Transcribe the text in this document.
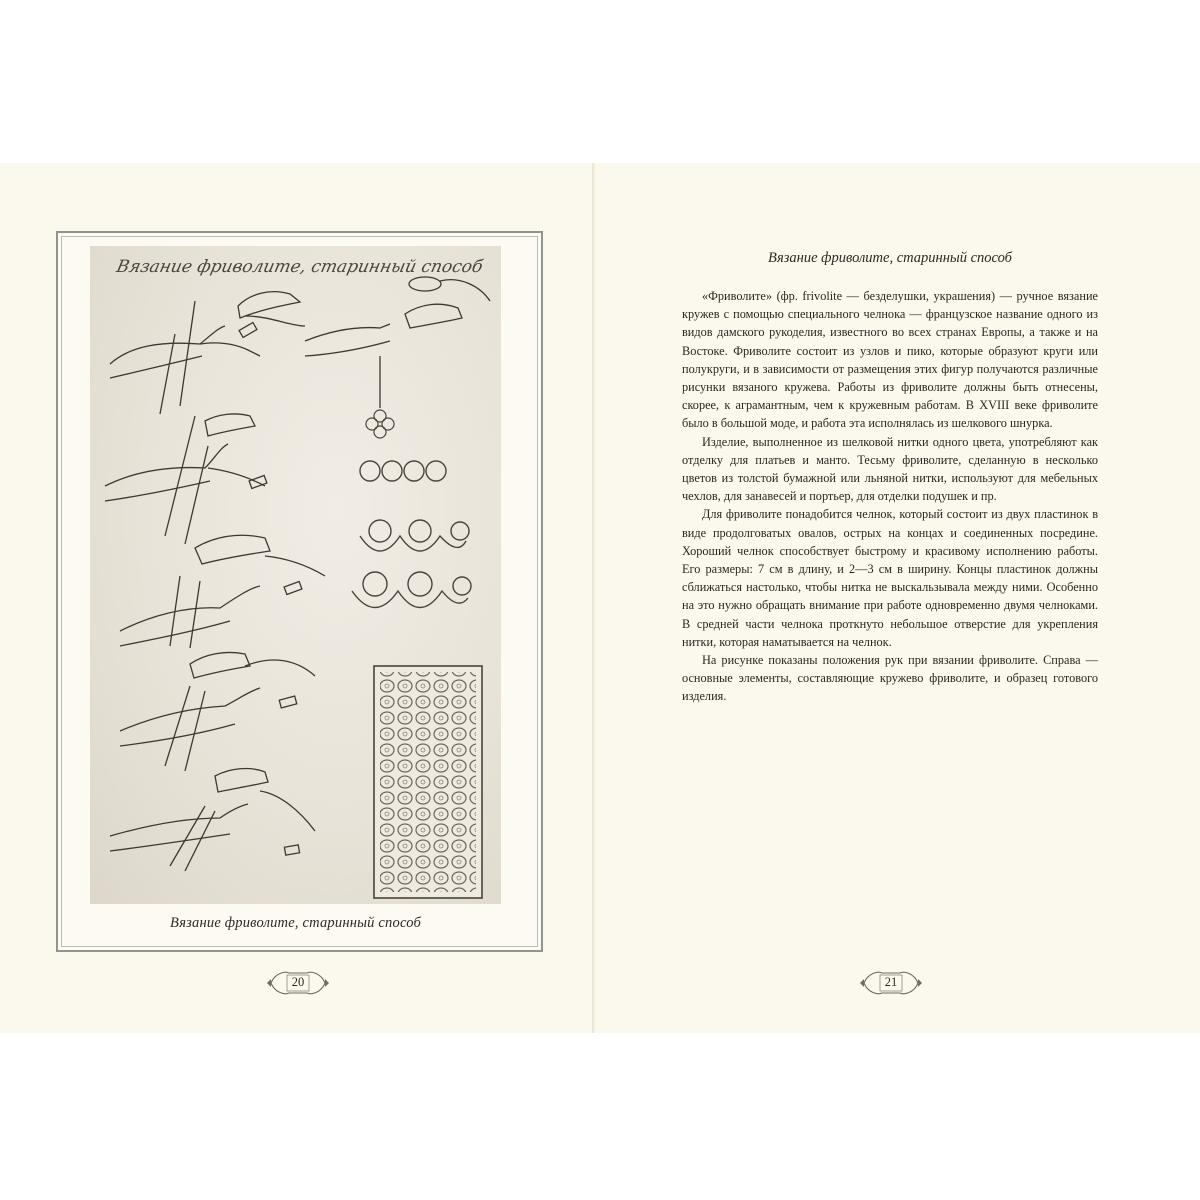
Вязание фриволите, старинный способ
Вязание фриволите, старинный способ
20
Вязание фриволите, старинный способ

«Фриволите» (фр. frivolite — безделушки, украшения) — ручное вязание кружев с помощью специального челнока — французское название одного из видов дамского рукоделия, известного во всех странах Европы, а также и на Востоке. Фриволите состоит из узлов и пико, которые образуют круги или полукруги, и в зависимости от размещения этих фигур получаются различные рисунки вязаного кружева. Работы из фриволите должны быть отнесены, скорее, к аграмантным, чем к кружевным работам. В XVIII веке фриволите было в большой моде, и работа эта исполнялась из шелкового шнурка.

Изделие, выполненное из шелковой нитки одного цвета, употребляют как отделку для платьев и манто. Тесьму фриволите, сделанную в несколько цветов из толстой бумажной или льняной нитки, используют для мебельных чехлов, для занавесей и портьер, для отделки подушек и пр.

Для фриволите понадобится челнок, который состоит из двух пластинок в виде продолговатых овалов, острых на концах и соединенных посредине. Хороший челнок способствует быстрому и красивому исполнению работы. Его размеры: 7 см в длину, и 2—3 см в ширину. Концы пластинок должны сближаться настолько, чтобы нитка не выскальзывала между ними. Особенно на это нужно обращать внимание при работе одновременно двумя челноками. В средней части челнока проткнуто небольшое отверстие для укрепления нитки, которая наматывается на челнок.

На рисунке показаны положения рук при вязании фриволите. Справа — основные элементы, составляющие кружево фриволите, и образец готового изделия.

21
